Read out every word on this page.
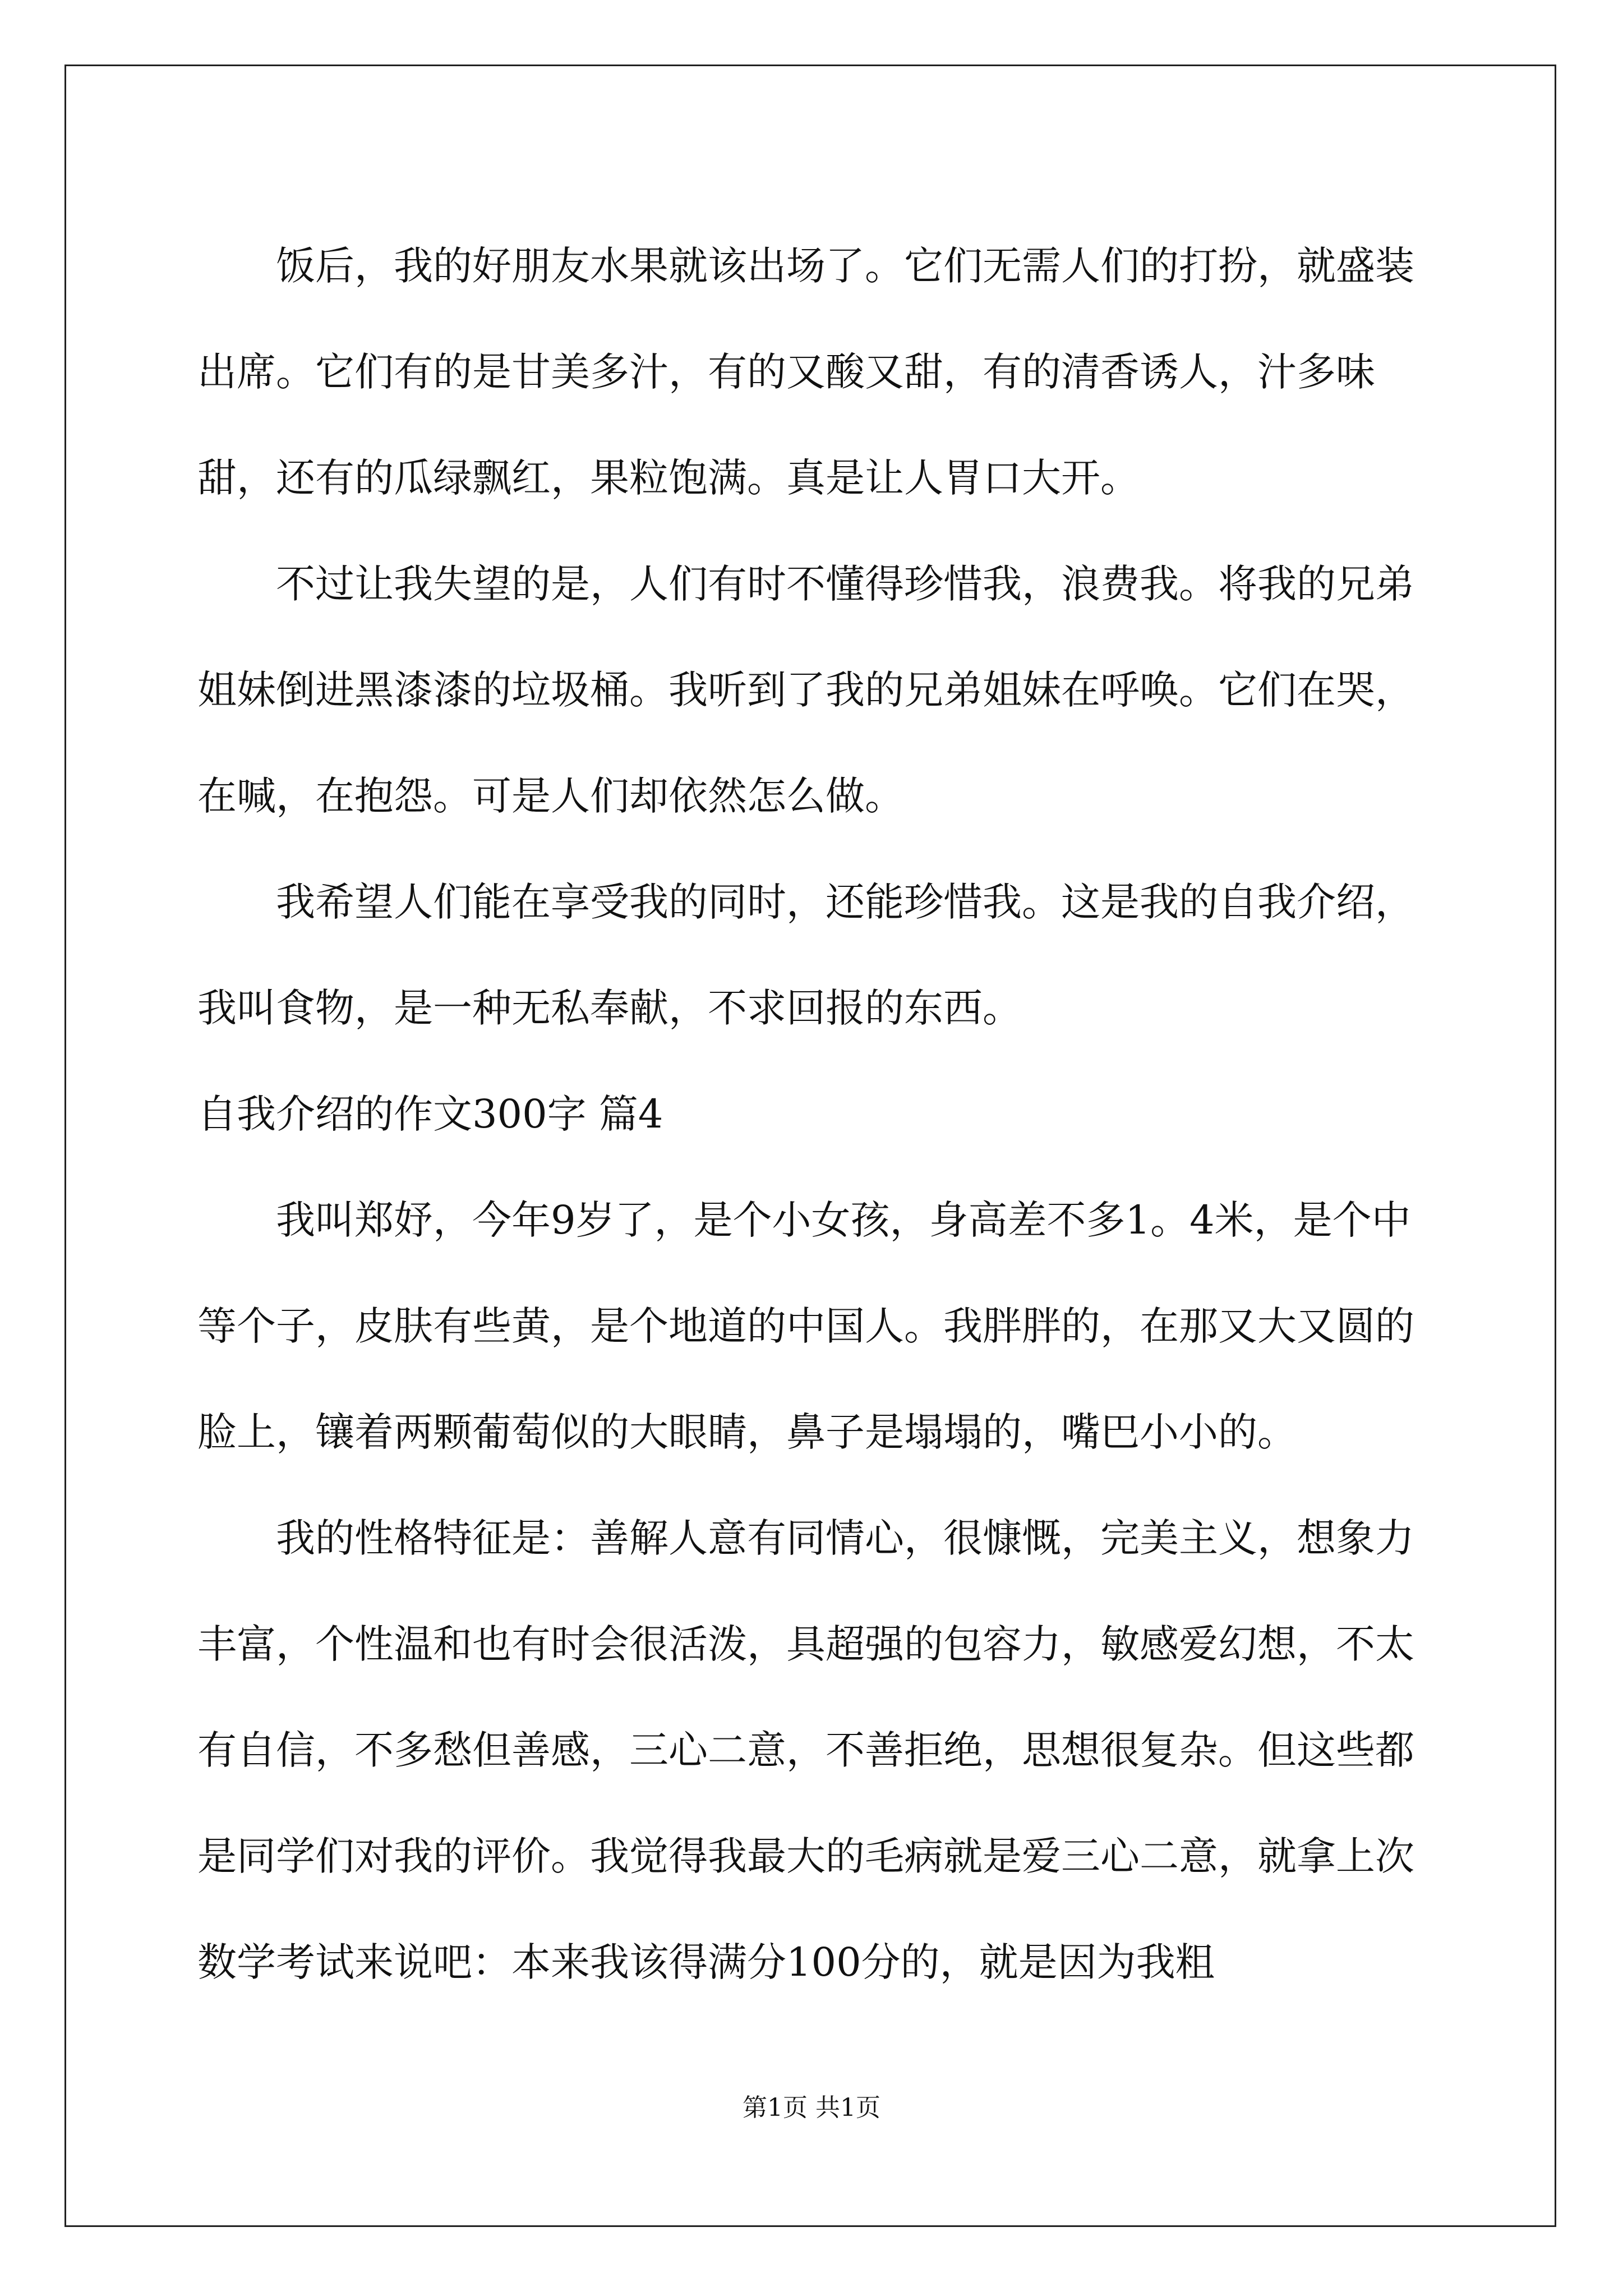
饭后，我的好朋友水果就该出场了。它们无需人们的打扮，就盛装出席。它们有的是甘美多汁，有的又酸又甜，有的清香诱人，汁多味甜，还有的瓜绿飘红，果粒饱满。真是让人胃口大开。

不过让我失望的是，人们有时不懂得珍惜我，浪费我。将我的兄弟姐妹倒进黑漆漆的垃圾桶。我听到了我的兄弟姐妹在呼唤。它们在哭，在喊，在抱怨。可是人们却依然怎么做。

我希望人们能在享受我的同时，还能珍惜我。这是我的自我介绍，我叫食物，是一种无私奉献，不求回报的东西。

自我介绍的作文300字 篇4

我叫郑妤，今年9岁了，是个小女孩，身高差不多1。4米，是个中等个子，皮肤有些黄，是个地道的中国人。我胖胖的，在那又大又圆的脸上，镶着两颗葡萄似的大眼睛，鼻子是塌塌的，嘴巴小小的。

我的性格特征是：善解人意有同情心，很慷慨，完美主义，想象力丰富，个性温和也有时会很活泼，具超强的包容力，敏感爱幻想，不太有自信，不多愁但善感，三心二意，不善拒绝，思想很复杂。但这些都是同学们对我的评价。我觉得我最大的毛病就是爱三心二意，就拿上次数学考试来说吧：本来我该得满分100分的，就是因为我粗

第1页 共1页
